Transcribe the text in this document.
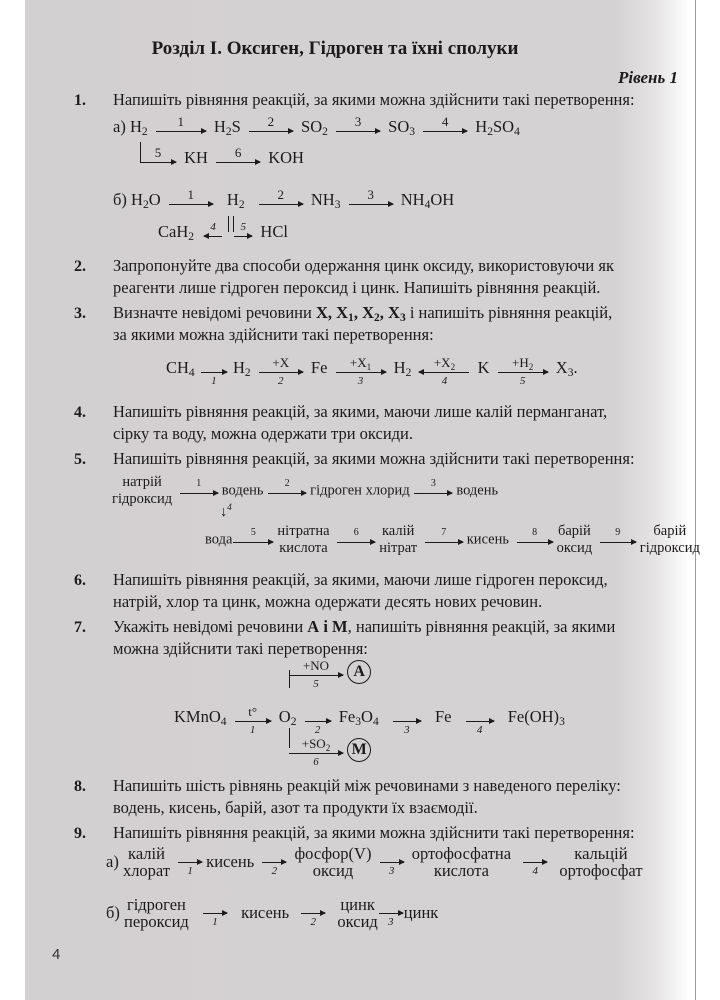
Розділ І. Оксиген, Гідроген та їхні сполуки
Рівень 1
1. Напишіть рівняння реакцій, за якими можна здійснити такі перетворення:
а) $H_2$
1	$H_2S$	2	$SO_2$
3	$SO_3$
4	$H_2SO_4$
5	KH	6	KOH
б) $H_2O$	1	$H_2$
2	$NH_3$
3	$NH_4OH$
CaH$_2$
4
	5 HCl
2. Запропонуйте два способи одержання цинк оксиду, використовуючи як
реагенти лише гідроген пероксид і цинк. Напишіть рівняння реакцій.
3. Визначте невідомі речовини X, $X_1$, $X_2$, $X_3$ і напишіть рівняння реакцій,
за якими можна здійснити такі перетворення:
$CH_4$
1
$H_2$
+X
2
Fe	$+X_1$
3
$H_2$
$+X_2$
4
K	$+H_2$
5
$X_3$.
4. Напишіть рівняння реакцій, за якими, маючи лише калій перманганат,
сірку та воду, можна одержати три оксиди.
5. Напишіть рівняння реакцій, за якими можна здійснити такі перетворення:
натрій
гідроксид
1	водень	2	гідроген хлорид	3	водень
↓$^4$
вода	5	нітратна
кислота
6	калій
нітрат
7	кисень	8	барій
оксид
9	барій
гідроксид
6. Напишіть рівняння реакцій, за якими, маючи лише гідроген пероксид,
натрій, хлор та цинк, можна одержати десять нових речовин.
7. Укажіть невідомі речовини А і М, напишіть рівняння реакцій, за якими
можна здійснити такі перетворення:
+NO
5
A
KMnO$_4$
t°
1
$O_2$
2
$Fe_3O_4$
3
Fe
4
$Fe(OH)_3$
$+SO_2$
6
M
8. Напишіть шість рівнянь реакцій між речовинами з наведеного переліку:
водень, кисень, барій, азот та продукти їх взаємодії.
9. Напишіть рівняння реакцій, за якими можна здійснити такі перетворення:
а) калій
хлорат	1 кисень	2
фосфор(V)
оксид	3
ортофосфатна
кислота	4
кальцій
ортофосфат
б) гідроген
пероксид	1	кисень	2
цинк
оксид 3 цинк
4
